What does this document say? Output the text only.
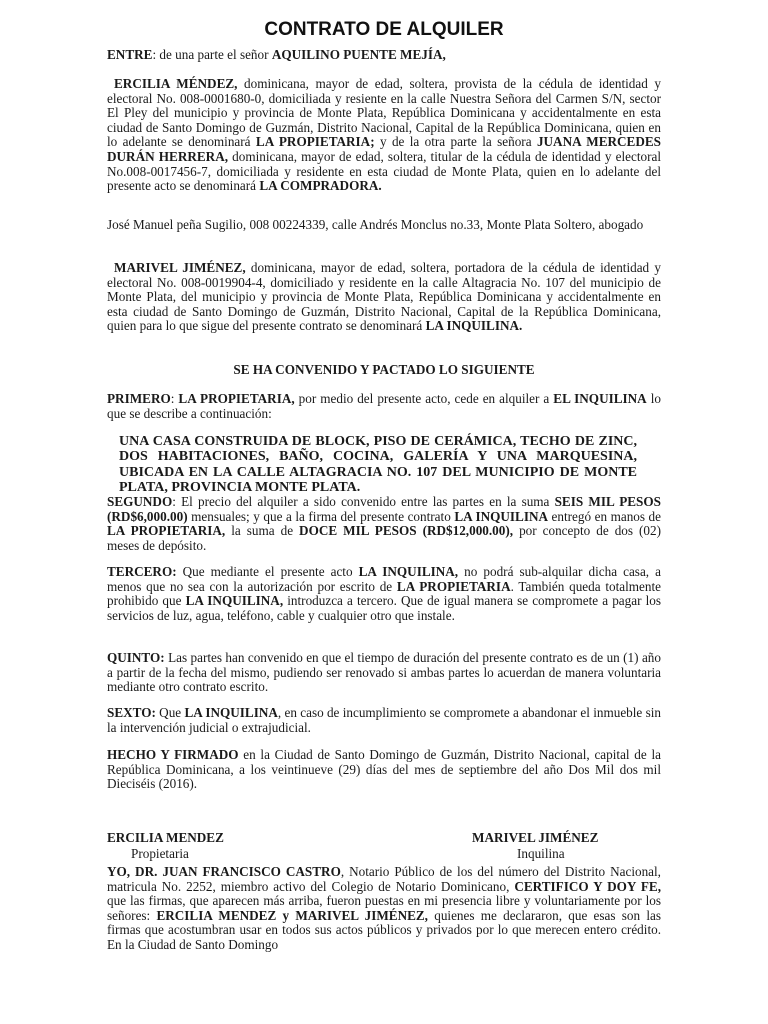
CONTRATO DE ALQUILER

ENTRE: de una parte el señor AQUILINO PUENTE MEJÍA,

ERCILIA MÉNDEZ, dominicana, mayor de edad, soltera, provista de la cédula de identidad y electoral No. 008-0001680-0, domiciliada y resiente en la calle Nuestra Señora del Carmen S/N, sector El Pley del municipio y provincia de Monte Plata, República Dominicana y accidentalmente en esta ciudad de Santo Domingo de Guzmán, Distrito Nacional, Capital de la República Dominicana, quien en lo adelante se denominará LA PROPIETARIA; y de la otra parte la señora JUANA MERCEDES DURÁN HERRERA, dominicana, mayor de edad, soltera, titular de la cédula de identidad y electoral No.008-0017456-7, domiciliada y residente en esta ciudad de Monte Plata, quien en lo adelante del presente acto se denominará LA COMPRADORA.

José Manuel peña Sugilio, 008 00224339, calle Andrés Monclus no.33, Monte Plata Soltero, abogado

MARIVEL JIMÉNEZ, dominicana, mayor de edad, soltera, portadora de la cédula de identidad y electoral No. 008-0019904-4, domiciliado y residente en la calle Altagracia No. 107 del municipio de Monte Plata, del municipio y provincia de Monte Plata, República Dominicana y accidentalmente en esta ciudad de Santo Domingo de Guzmán, Distrito Nacional, Capital de la República Dominicana, quien para lo que sigue del presente contrato se denominará LA INQUILINA.

SE HA CONVENIDO Y PACTADO LO SIGUIENTE

PRIMERO: LA PROPIETARIA, por medio del presente acto, cede en alquiler a EL INQUILINA lo que se describe a continuación:

UNA CASA CONSTRUIDA DE BLOCK, PISO DE CERÁMICA, TECHO DE ZINC, DOS HABITACIONES, BAÑO, COCINA, GALERÍA Y UNA MARQUESINA, UBICADA EN LA CALLE ALTAGRACIA NO. 107 DEL MUNICIPIO DE MONTE PLATA, PROVINCIA MONTE PLATA.

SEGUNDO: El precio del alquiler a sido convenido entre las partes en la suma SEIS MIL PESOS (RD$6,000.00) mensuales; y que a la firma del presente contrato LA INQUILINA entregó en manos de LA PROPIETARIA, la suma de DOCE MIL PESOS (RD$12,000.00), por concepto de dos (02) meses de depósito.

TERCERO: Que mediante el presente acto LA INQUILINA, no podrá sub-alquilar dicha casa, a menos que no sea con la autorización por escrito de LA PROPIETARIA. También queda totalmente prohibido que LA INQUILINA, introduzca a tercero. Que de igual manera se compromete a pagar los servicios de luz, agua, teléfono, cable y cualquier otro que instale.

QUINTO: Las partes han convenido en que el tiempo de duración del presente contrato es de un (1) año a partir de la fecha del mismo, pudiendo ser renovado si ambas partes lo acuerdan de manera voluntaria mediante otro contrato escrito.

SEXTO: Que LA INQUILINA, en caso de incumplimiento se compromete a abandonar el inmueble sin la intervención judicial o extrajudicial.

HECHO Y FIRMADO en la Ciudad de Santo Domingo de Guzmán, Distrito Nacional, capital de la República Dominicana, a los veintinueve (29) días del mes de septiembre del año Dos Mil dos mil Dieciséis (2016).

ERCILIA MENDEZ

Propietaria

MARIVEL JIMÉNEZ

Inquilina

YO, DR. JUAN FRANCISCO CASTRO, Notario Público de los del número del Distrito Nacional, matricula No. 2252, miembro activo del Colegio de Notario Dominicano, CERTIFICO Y DOY FE, que las firmas, que aparecen más arriba, fueron puestas en mi presencia libre y voluntariamente por los señores: ERCILIA MENDEZ y MARIVEL JIMÉNEZ, quienes me declararon, que esas son las firmas que acostumbran usar en todos sus actos públicos y privados por lo que merecen entero crédito. En la Ciudad de Santo Domingo
